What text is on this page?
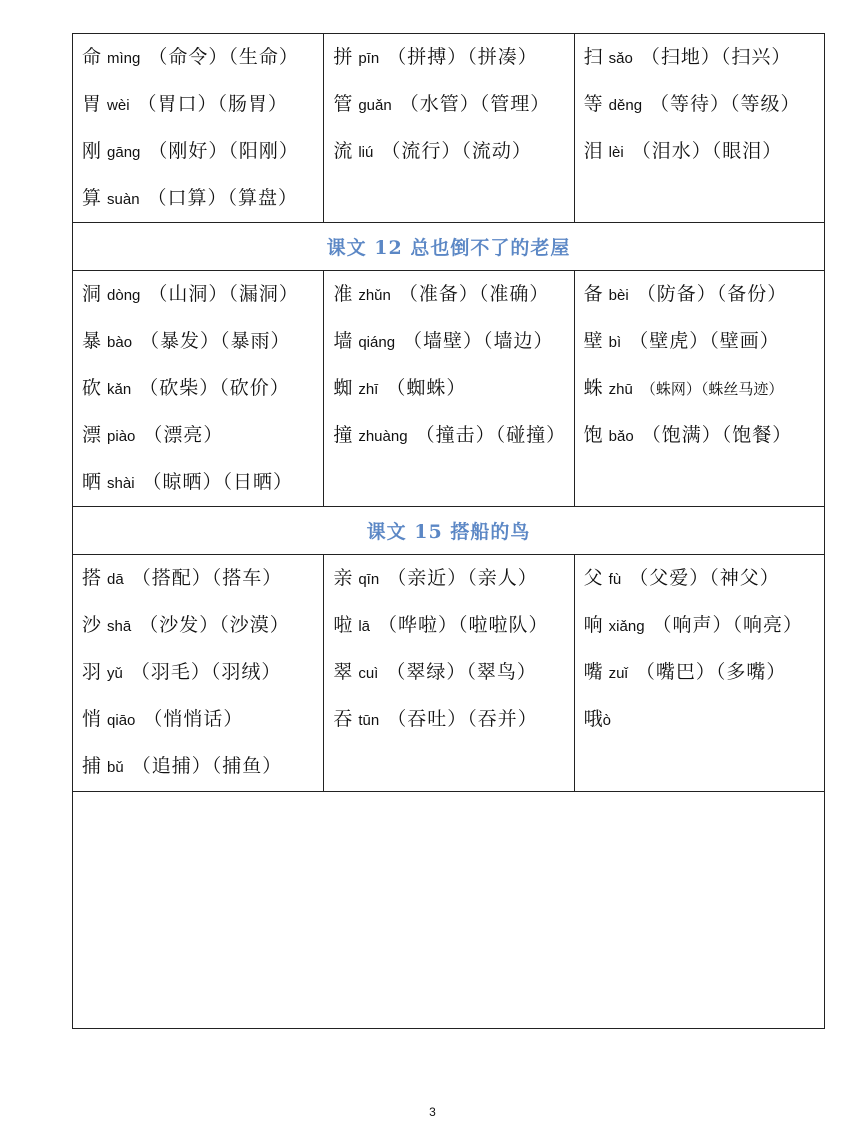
命 mìng （命令）（生命）
胃 wèi （胃口）（肠胃）
刚 gāng （刚好）（阳刚）
算 suàn （口算）（算盘）
拼 pīn （拼搏）（拼凑）
管 guǎn （水管）（管理）
流 liú （流行）（流动）
扫 sǎo （扫地）（扫兴）
等 děng （等待）（等级）
泪 lèi （泪水）（眼泪）
课文 12 总也倒不了的老屋
洞 dòng （山洞）（漏洞）
暴 bào （暴发）（暴雨）
砍 kǎn （砍柴）（砍价）
漂 piào （漂亮）
晒 shài （晾晒）（日晒）
准 zhǔn （准备）（准确）
墙 qiáng （墙壁）（墙边）
蜘 zhī （蜘蛛）
撞 zhuàng （撞击）（碰撞）
备 bèi （防备）（备份）
壁 bì （壁虎）（壁画）
蛛 zhū （蛛网）（蛛丝马迹）
饱 bǎo （饱满）（饱餐）
课文 15 搭船的鸟
搭 dā （搭配）（搭车）
沙 shā （沙发）（沙漠）
羽 yǔ （羽毛）（羽绒）
悄 qiāo （悄悄话）
捕 bǔ （追捕）（捕鱼）
亲 qīn （亲近）（亲人）
啦 lā （哗啦）（啦啦队）
翠 cuì （翠绿）（翠鸟）
吞 tūn （吞吐）（吞并）
父 fù （父爱）（神父）
响 xiǎng （响声）（响亮）
嘴 zuǐ （嘴巴）（多嘴）
哦ò
3
